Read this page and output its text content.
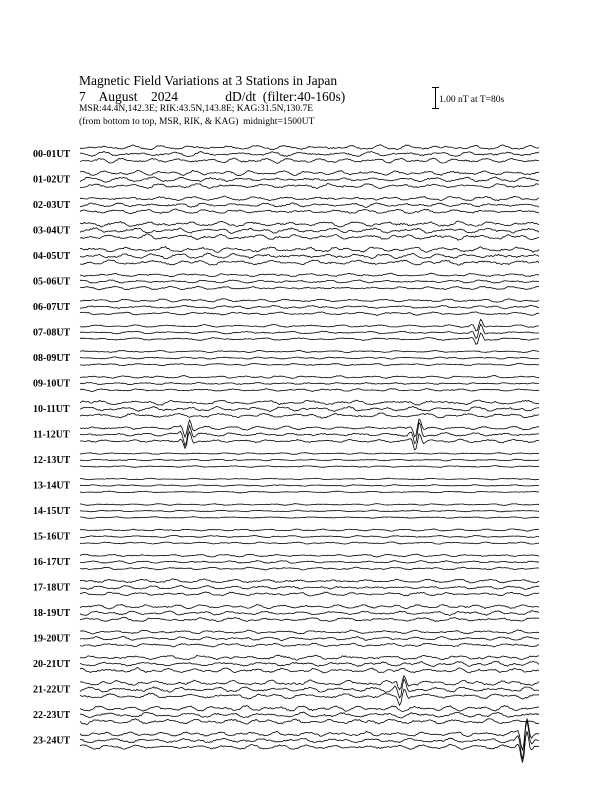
Magnetic Field Variations at 3 Stations in Japan
7    August    2024	dD/dt  (filter:40-160s)
MSR:44.4N,142.3E; RIK:43.5N,143.8E; KAG:31.5N,130.7E
(from bottom to top, MSR, RIK, & KAG)  midnight=1500UT
1.00 nT at T=80s
00-01UT
01-02UT
02-03UT
03-04UT
04-05UT
05-06UT
06-07UT
07-08UT
08-09UT
09-10UT
10-11UT
11-12UT
12-13UT
13-14UT
14-15UT
15-16UT
16-17UT
17-18UT
18-19UT
19-20UT
20-21UT
21-22UT
22-23UT
23-24UT
